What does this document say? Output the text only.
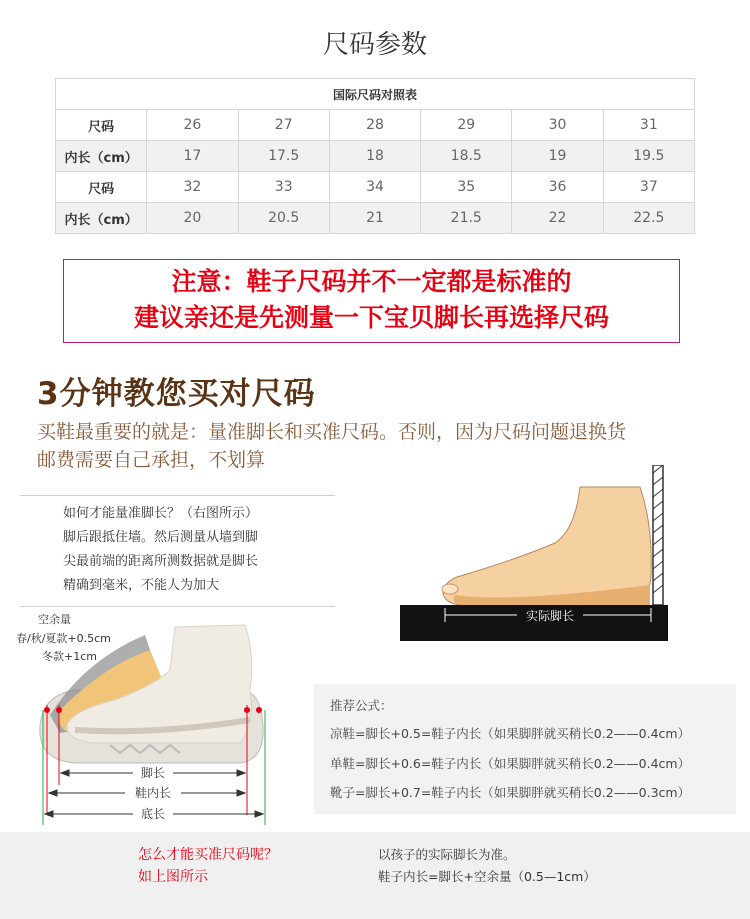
尺码参数
国际尺码对照表						
尺码	26	27	28	29	30	31
内长（cm）	17	17.5	18	18.5	19	19.5
尺码	32	33	34	35	36	37
内长（cm）	20	20.5	21	21.5	22	22.5
注意：鞋子尺码并不一定都是标准的
建议亲还是先测量一下宝贝脚长再选择尺码
3分钟教您买对尺码
买鞋最重要的就是：量准脚长和买准尺码。否则，因为尺码问题退换货
邮费需要自己承担，不划算
如何才能量准脚长？（右图所示）
脚后跟抵住墙。然后测量从墙到脚
尖最前端的距离所测数据就是脚长
精确到毫米，不能人为加大
实际脚长
空余量
春/秋/夏款+0.5cm
冬款+1cm
脚长
鞋内长
底长
推荐公式：
凉鞋=脚长+0.5=鞋子内长（如果脚胖就买稍长0.2——0.4cm）
单鞋=脚长+0.6=鞋子内长（如果脚胖就买稍长0.2——0.4cm）
靴子=脚长+0.7=鞋子内长（如果脚胖就买稍长0.2——0.3cm）
怎么才能买准尺码呢？
如上图所示
以孩子的实际脚长为准。
鞋子内长=脚长+空余量（0.5—1cm）
